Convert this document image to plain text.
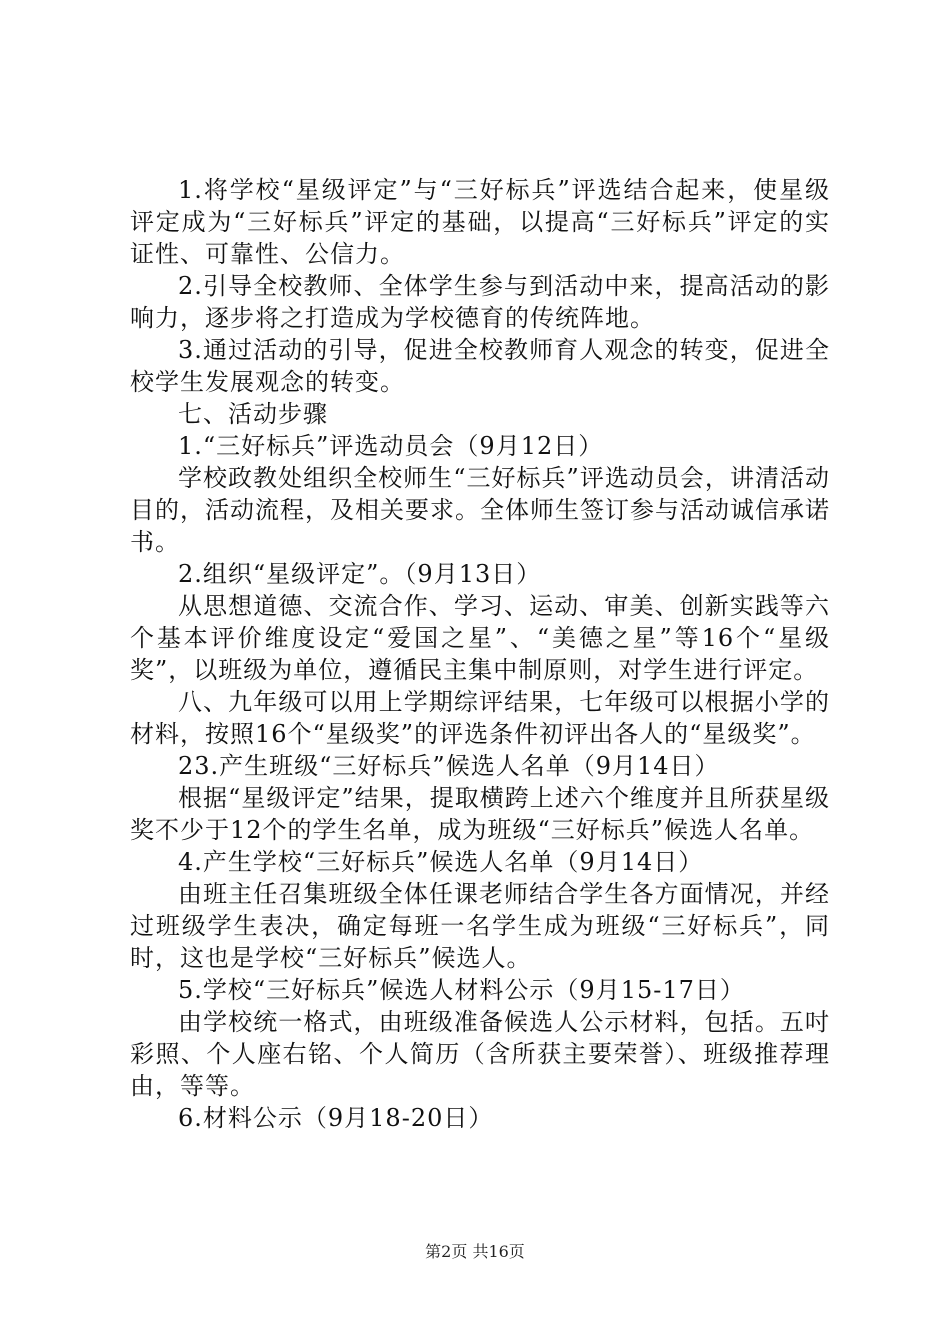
1.将学校“星级评定”与“三好标兵”评选结合起来，使星级评定成为“三好标兵”评定的基础，以提高“三好标兵”评定的实证性、可靠性、公信力。

2.引导全校教师、全体学生参与到活动中来，提高活动的影响力，逐步将之打造成为学校德育的传统阵地。

3.通过活动的引导，促进全校教师育人观念的转变，促进全校学生发展观念的转变。

七、活动步骤

1.“三好标兵”评选动员会（9月12日）

学校政教处组织全校师生“三好标兵”评选动员会，讲清活动目的，活动流程，及相关要求。全体师生签订参与活动诚信承诺书。

2.组织“星级评定”。（9月13日）

从思想道德、交流合作、学习、运动、审美、创新实践等六个基本评价维度设定“爱国之星”、“美德之星”等16个“星级奖”，以班级为单位，遵循民主集中制原则，对学生进行评定。

八、九年级可以用上学期综评结果，七年级可以根据小学的材料，按照16个“星级奖”的评选条件初评出各人的“星级奖”。

23.产生班级“三好标兵”候选人名单（9月14日）

根据“星级评定”结果，提取横跨上述六个维度并且所获星级奖不少于12个的学生名单，成为班级“三好标兵”候选人名单。

4.产生学校“三好标兵”候选人名单（9月14日）

由班主任召集班级全体任课老师结合学生各方面情况，并经过班级学生表决，确定每班一名学生成为班级“三好标兵”，同时，这也是学校“三好标兵”候选人。

5.学校“三好标兵”候选人材料公示（9月15-17日）

由学校统一格式，由班级准备候选人公示材料，包括。五吋彩照、个人座右铭、个人简历（含所获主要荣誉）、班级推荐理由，等等。

6.材料公示（9月18-20日）

第2页 共16页
